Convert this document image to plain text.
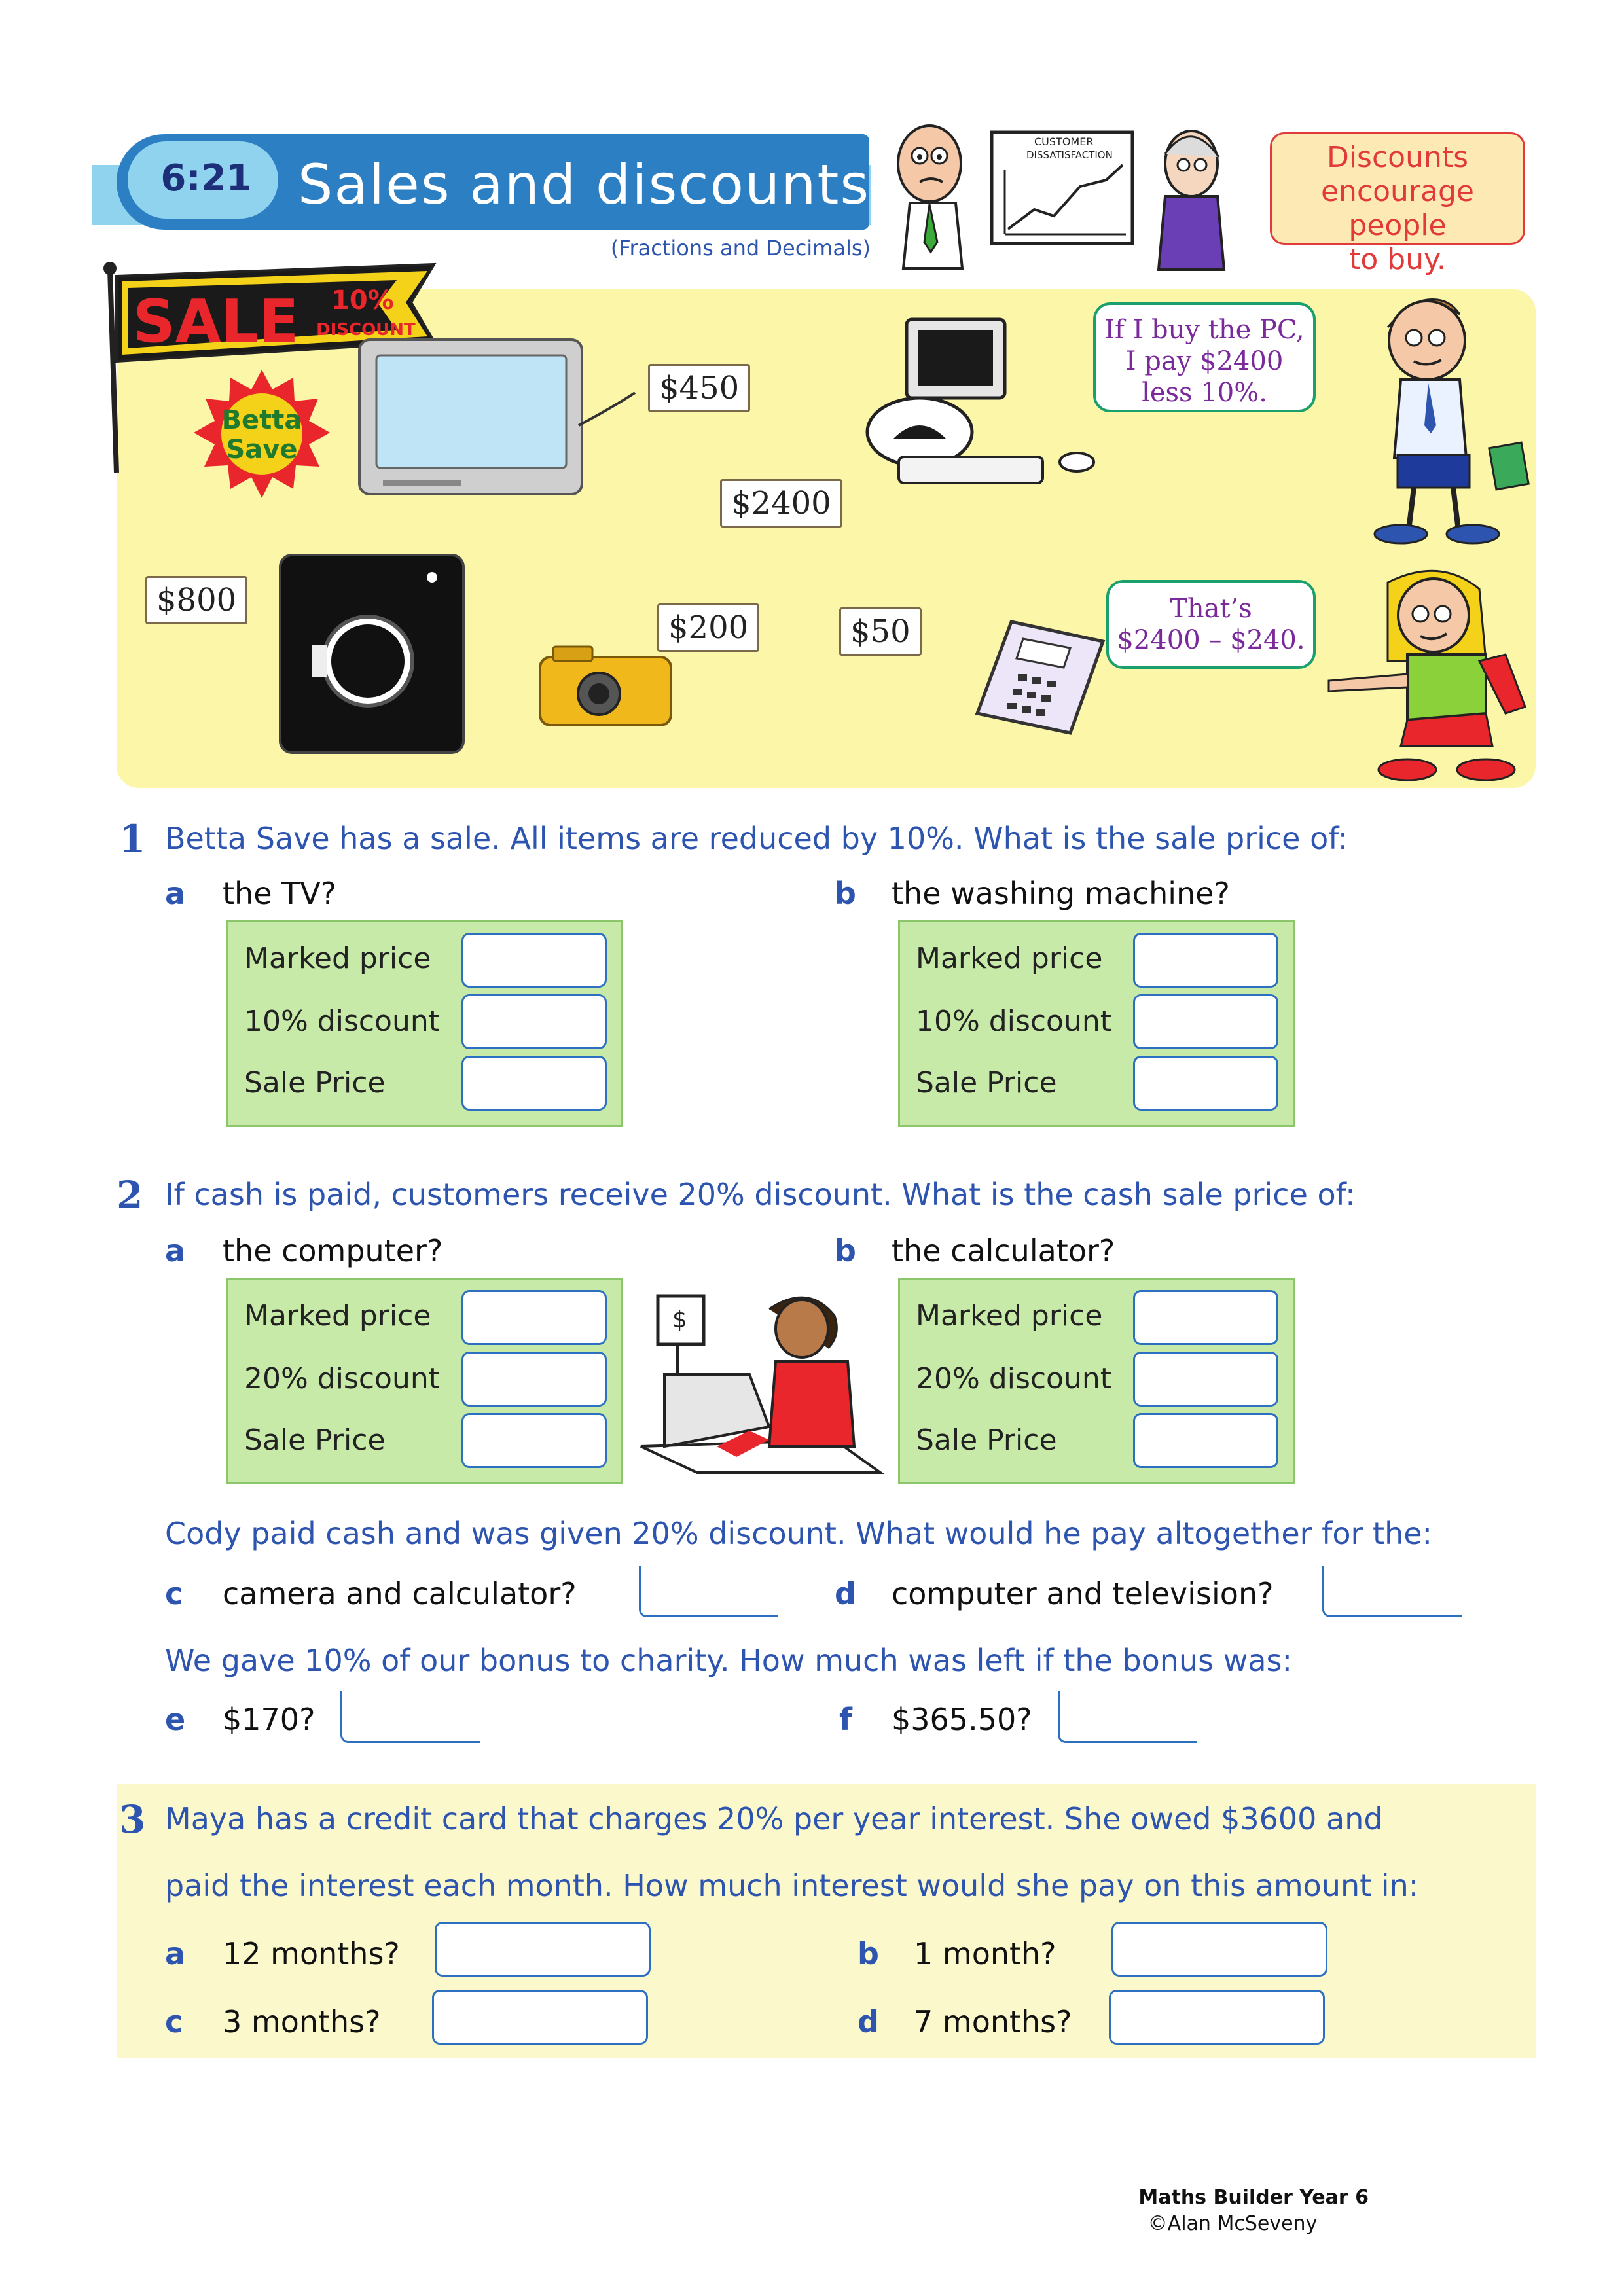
6:21 Sales and discounts
(Fractions and Decimals)
CUSTOMER
DISSATISFACTION	Discounts
encourage people
to buy.
SALE 10%
DISCOUNT
Betta
Save
$450
$2400
$800
$200	$50
If I buy the PC,
I pay $2400
less 10%.
That’s
$2400 – $240.
1 Betta Save has a sale. All items are reduced by 10%. What is the sale price of:
a the TV?	b the washing machine?
Marked price
10% discount
Sale Price
Marked price
10% discount
Sale Price
2 If cash is paid, customers receive 20% discount. What is the cash sale price of:
a the computer?	b the calculator?
Marked price
20% discount
Sale Price
$	Marked price
20% discount
Sale Price
Cody paid cash and was given 20% discount. What would he pay altogether for the:
c camera and calculator?	d computer and television?
We gave 10% of our bonus to charity. How much was left if the bonus was:
e $170?	f $365.50?
3 Maya has a credit card that charges 20% per year interest. She owed $3600 and
paid the interest each month. How much interest would she pay on this amount in:
a 12 months?	b 1 month?
c 3 months?	d 7 months?
Maths Builder Year 6
©Alan McSeveny
